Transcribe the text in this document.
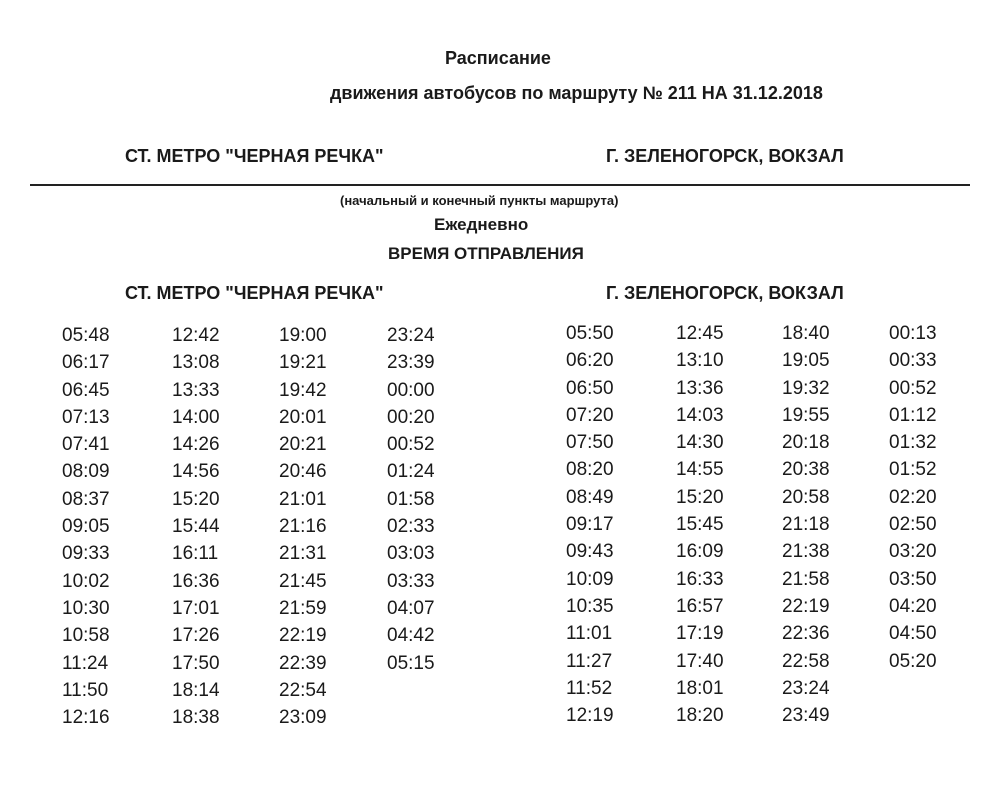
Расписание
движения автобусов по маршруту № 211 НА 31.12.2018
СТ. МЕТРО "ЧЕРНАЯ РЕЧКА"	Г. ЗЕЛЕНОГОРСК, ВОКЗАЛ
(начальный и конечный пункты маршрута)
Ежедневно
ВРЕМЯ ОТПРАВЛЕНИЯ
СТ. МЕТРО "ЧЕРНАЯ РЕЧКА"	Г. ЗЕЛЕНОГОРСК, ВОКЗАЛ
05:48
06:17
06:45
07:13
07:41
08:09
08:37
09:05
09:33
10:02
10:30
10:58
11:24
11:50
12:16
12:42
13:08
13:33
14:00
14:26
14:56
15:20
15:44
16:11
16:36
17:01
17:26
17:50
18:14
18:38
19:00
19:21
19:42
20:01
20:21
20:46
21:01
21:16
21:31
21:45
21:59
22:19
22:39
22:54
23:09
23:24
23:39
00:00
00:20
00:52
01:24
01:58
02:33
03:03
03:33
04:07
04:42
05:15
05:50
06:20
06:50
07:20
07:50
08:20
08:49
09:17
09:43
10:09
10:35
11:01
11:27
11:52
12:19
12:45
13:10
13:36
14:03
14:30
14:55
15:20
15:45
16:09
16:33
16:57
17:19
17:40
18:01
18:20
18:40
19:05
19:32
19:55
20:18
20:38
20:58
21:18
21:38
21:58
22:19
22:36
22:58
23:24
23:49
00:13
00:33
00:52
01:12
01:32
01:52
02:20
02:50
03:20
03:50
04:20
04:50
05:20
